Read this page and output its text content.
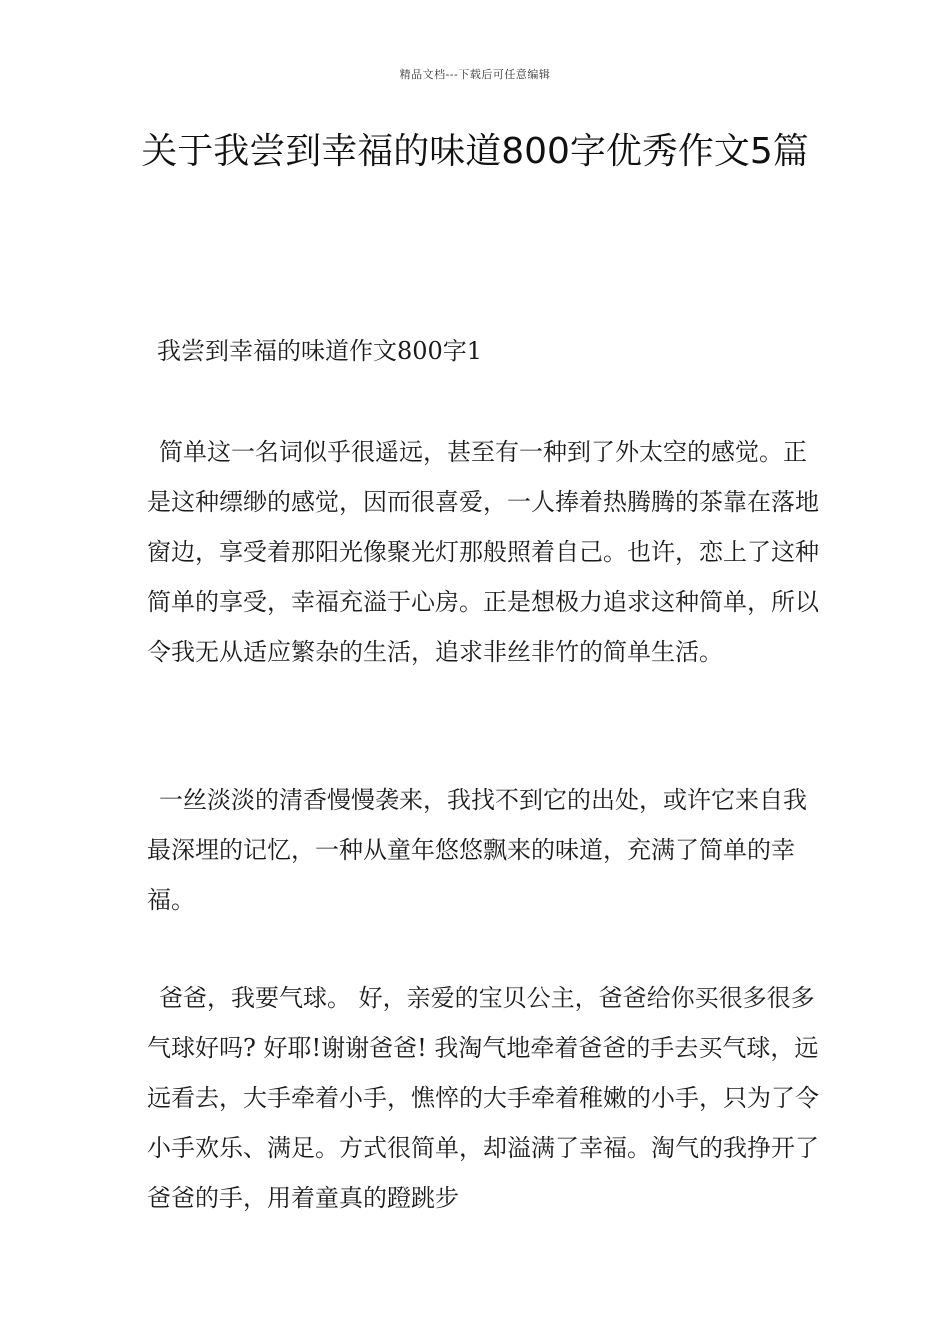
精品文档---下载后可任意编辑
关于我尝到幸福的味道800字优秀作文5篇
我尝到幸福的味道作文800字1

简单这一名词似乎很遥远，甚至有一种到了外太空的感觉。正是这种缥缈的感觉，因而很喜爱，一人捧着热腾腾的茶靠在落地窗边，享受着那阳光像聚光灯那般照着自己。也许，恋上了这种简单的享受，幸福充溢于心房。正是想极力追求这种简单，所以令我无从适应繁杂的生活，追求非丝非竹的简单生活。

一丝淡淡的清香慢慢袭来，我找不到它的出处，或许它来自我最深埋的记忆，一种从童年悠悠飘来的味道，充满了简单的幸福。

爸爸，我要气球。 好，亲爱的宝贝公主，爸爸给你买很多很多气球好吗? 好耶!谢谢爸爸! 我淘气地牵着爸爸的手去买气球，远远看去，大手牵着小手，憔悴的大手牵着稚嫩的小手，只为了令小手欢乐、满足。方式很简单，却溢满了幸福。淘气的我挣开了爸爸的手，用着童真的蹬跳步
